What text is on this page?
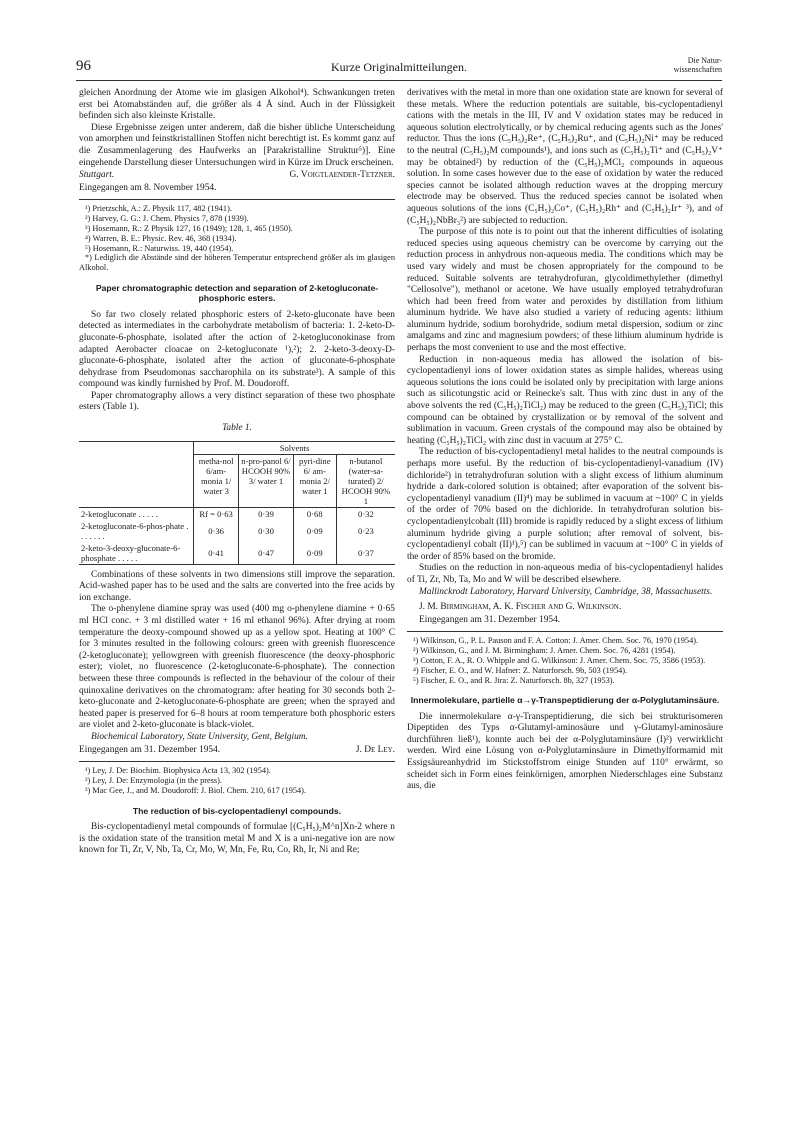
96	Kurze Originalmitteilungen.	Die Natur-
wissenschaften

gleichen Anordnung der Atome wie im glasigen Alkohol⁴). Schwankungen treten erst bei Atomabständen auf, die größer als 4 Å sind. Auch in der Flüssigkeit befinden sich also kleinste Kristalle.

Diese Ergebnisse zeigen unter anderem, daß die bisher übliche Unterscheidung von amorphen und feinstkristallinen Stoffen nicht berechtigt ist. Es kommt ganz auf die Zusammenlagerung des Haufwerks an [Parakristalline Struktur⁵)]. Eine eingehende Darstellung dieser Untersuchungen wird in Kürze im Druck erscheinen.

Stuttgart.	G. Voigtlaender-Tetzner.

Eingegangen am 8. November 1954.

¹) Prietzschk, A.: Z. Physik 117, 482 (1941).

²) Harvey, G. G.: J. Chem. Physics 7, 878 (1939).

³) Hosemann, R.: Z Physik 127, 16 (1949); 128, 1, 465 (1950).

⁴) Warren, B. E.: Physic. Rev. 46, 368 (1934).

⁵) Hosemann, R.: Naturwiss. 19, 440 (1954).

*) Lediglich die Abstände sind der höheren Temperatur entsprechend größer als im glasigen Alkohol.

Paper chromatographic detection and separation of 2-ketogluconate-phosphoric esters.

So far two closely related phosphoric esters of 2-keto-gluconate have been detected as intermediates in the carbohydrate metabolism of bacteria: 1. 2-keto-D-gluconate-6-phosphate, isolated after the action of 2-ketogluconokinase from adapted Aerobacter cloacae on 2-ketogluconate ¹),²); 2. 2-keto-3-deoxy-D-gluconate-6-phosphate, isolated after the action of gluconate-6-phosphate dehydrase from Pseudomonas saccharophila on its substrate³). A sample of this compound was kindly furnished by Prof. M. Doudoroff.

Paper chromatography allows a very distinct separation of these two phosphate esters (Table 1).

Table 1.
	Solvents			
	metha-nol 6/am-monia 1/ water 3	n-pro-panol 6/ HCOOH 90% 3/ water 1	pyri-dine 6/ am-monia 2/ water 1	n-butanol (water-sa-turated) 2/ HCOOH 90% 1
2-ketogluconate . . . . .	Rf = 0·63	0·39	0·68	0·32
2-ketogluconate-6-phos-phate . . . . . . .	0·36	0·30	0·09	0·23
2-keto-3-deoxy-gluconate-6-phosphate . . . . .	0·41	0·47	0·09	0·37

Combinations of these solvents in two dimensions still improve the separation. Acid-washed paper has to be used and the salts are converted into the free acids by ion exchange.

The o-phenylene diamine spray was used (400 mg o-phenylene diamine + 0·65 ml HCl conc. + 3 ml distilled water + 16 ml ethanol 96%). After drying at room temperature the deoxy-compound showed up as a yellow spot. Heating at 100° C for 3 minutes resulted in the following colours: green with greenish fluorescence (2-ketogluconate); yellowgreen with greenish fluorescence (the deoxy-phosphoric ester); violet, no fluorescence (2-ketogluconate-6-phosphate). The connection between these three compounds is reflected in the behaviour of the colour of their quinoxaline derivatives on the chromatogram: after heating for 30 seconds both 2-keto-gluconate and 2-ketogluconate-6-phosphate are green; when the sprayed and heated paper is preserved for 6–8 hours at room temperature both phosphoric esters are violet and 2-keto-gluconate is black-violet.

Biochemical Laboratory, State University, Gent, Belgium.

Eingegangen am 31. Dezember 1954.	J. De Ley.

¹) Ley, J. De: Biochim. Biophysica Acta 13, 302 (1954).

²) Ley, J. De: Enzymologia (in the press).

³) Mac Gee, J., and M. Doudoroff: J. Biol. Chem. 210, 617 (1954).

The reduction of bis-cyclopentadienyl compounds.

Bis-cyclopentadienyl metal compounds of formulae [(C₅H₅)₂M^n]Xn-2 where n is the oxidation state of the transition metal M and X is a uni-negative ion are now known for Ti, Zr, V, Nb, Ta, Cr, Mo, W, Mn, Fe, Ru, Co, Rh, Ir, Ni and Re;

derivatives with the metal in more than one oxidation state are known for several of these metals. Where the reduction potentials are suitable, bis-cyclopentadienyl cations with the metals in the III, IV and V oxidation states may be reduced in aqueous solution electrolytically, or by chemical reducing agents such as the Jones' reductor. Thus the ions (C₅H₅)₂Re⁺, (C₅H₅)₂Ru⁺, and (C₅H₅)₂Ni⁺ may be reduced to the neutral (C₅H₅)₂M compounds¹), and ions such as (C₅H₅)₂Ti⁺ and (C₅H₅)₂V⁺ may be obtained²) by reduction of the (C₅H₅)₂MCl₂ compounds in aqueous solution. In some cases however due to the ease of oxidation by water the reduced species cannot be isolated although reduction waves at the dropping mercury electrode may be observed. Thus the reduced species cannot be isolated when aqueous solutions of the ions (C₅H₅)₂Co⁺, (C₅H₅)₂Rh⁺ and (C₅H₅)₂Ir⁺ ³), and of (C₅H₅)₂NbBr₃²) are subjected to reduction.

The purpose of this note is to point out that the inherent difficulties of isolating reduced species using aqueous chemistry can be overcome by carrying out the reduction process in anhydrous non-aqueous media. The conditions which may be used vary widely and must be chosen appropriately for the compound to be reduced. Suitable solvents are tetrahydrofuran, glycoldimethylether (dimethyl "Cellosolve"), methanol or acetone. We have usually employed tetrahydrofuran which had been freed from water and peroxides by distillation from lithium aluminum hydride. We have also studied a variety of reducing agents: lithium aluminum hydride, sodium borohydride, sodium metal dispersion, sodium or zinc amalgams and zinc and magnesium powders; of these lithium aluminum hydride is perhaps the most convenient to use and the most effective.

Reduction in non-aqueous media has allowed the isolation of bis-cyclopentadienyl ions of lower oxidation states as simple halides, whereas using aqueous solutions the ions could be isolated only by precipitation with large anions such as silicotungstic acid or Reinecke's salt. Thus with zinc dust in any of the above solvents the red (C₅H₅)₂TiCl₂) may be reduced to the green (C₅H₅)₂TiCl; this compound can be obtained by crystallization or by removal of the solvent and sublimation in vacuum. Green crystals of the compound may also be obtained by heating (C₅H₅)₂TiCl₂ with zinc dust in vacuum at 275° C.

The reduction of bis-cyclopentadienyl metal halides to the neutral compounds is perhaps more useful. By the reduction of bis-cyclopentadienyl-vanadium (IV) dichloride²) in tetrahydrofuran solution with a slight excess of lithium aluminum hydride a dark-colored solution is obtained; after evaporation of the solvent bis-cyclopentadienyl vanadium (II)⁴) may be sublimed in vacuum at ~100° C in yields of the order of 70% based on the dichloride. In tetrahydrofuran solution bis-cyclopentadienylcobalt (III) bromide is rapidly reduced by a slight excess of lithium aluminum hydride giving a purple solution; after removal of solvent, bis-cyclopentadienyl cobalt (II)¹),⁵) can be sublimed in vacuum at ~100° C in yields of the order of 85% based on the bromide.

Studies on the reduction in non-aqueous media of bis-cyclopentadienyl halides of Ti, Zr, Nb, Ta, Mo and W will be described elsewhere.

Mallinckrodt Laboratory, Harvard University, Cambridge, 38, Massachusetts.

J. M. Birmingham, A. K. Fischer and G. Wilkinson.

Eingegangen am 31. Dezember 1954.

¹) Wilkinson, G., P. L. Pauson and F. A. Cotton: J. Amer. Chem. Soc. 76, 1970 (1954).

²) Wilkinson, G., and J. M. Birmingham: J. Amer. Chem. Soc. 76, 4281 (1954).

³) Cotton, F. A., R. O. Whipple and G. Wilkinson: J. Amer. Chem. Soc. 75, 3586 (1953).

⁴) Fischer, E. O., and W. Hafner: Z. Naturforsch. 9b, 503 (1954).

⁵) Fischer, E. O., and R. Jira: Z. Naturforsch. 8b, 327 (1953).

Innermolekulare, partielle α→γ-Transpeptidierung der α-Polyglutaminsäure.

Die innermolekulare α-γ-Transpeptidierung, die sich bei strukturisomeren Dipeptiden des Typs α-Glutamyl-aminosäure und γ-Glutamyl-aminosäure durchführen ließ¹), konnte auch bei der α-Polyglutaminsäure (I)²) verwirklicht werden. Wird eine Lösung von α-Polyglutaminsäure in Dimethylformamid mit Essigsäureanhydrid im Stickstoffstrom einige Stunden auf 110° erwärmt, so scheidet sich in Form eines feinkörnigen, amorphen Niederschlages eine Substanz aus, die
